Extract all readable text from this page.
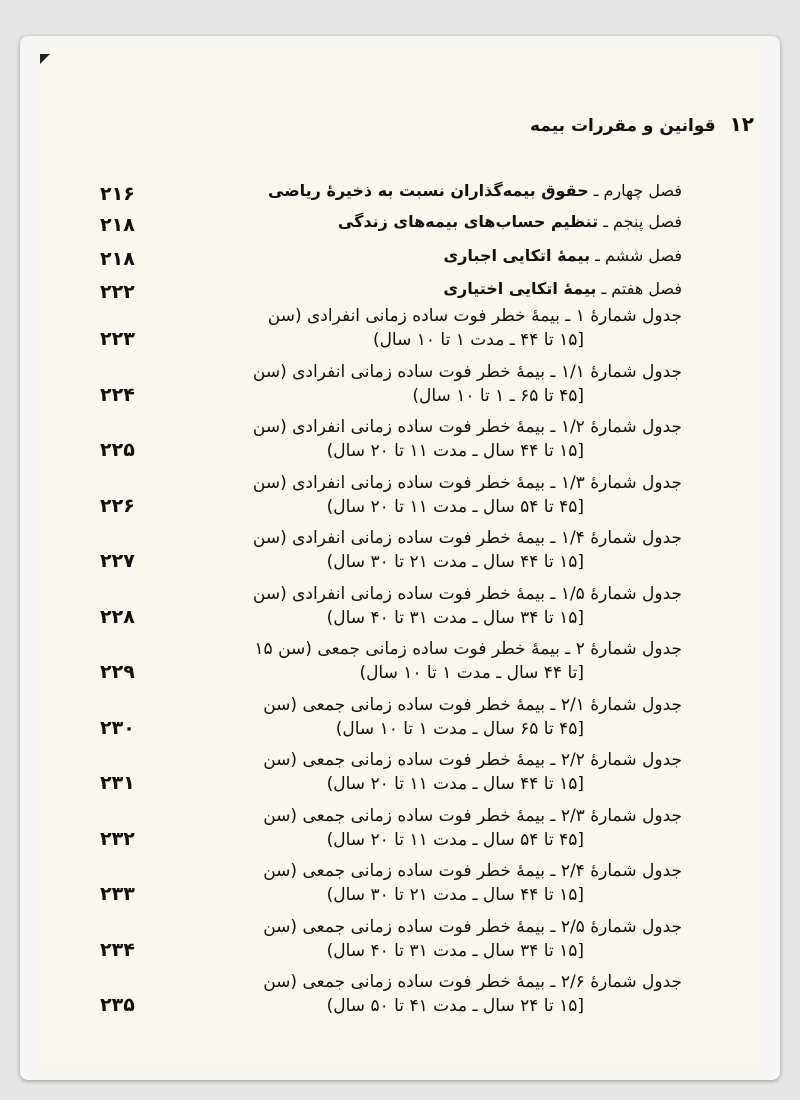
۱۲ قوانین و مقررات بیمه
فصل چهارم ـ حقوق بیمه‌گذاران نسبت به ذخیرهٔ ریاضی
۲۱۶
فصل پنجم ـ تنظیم حساب‌های بیمه‌های زندگی
۲۱۸
فصل ششم ـ بیمهٔ اتکایی اجباری
۲۱۸
فصل هفتم ـ بیمهٔ اتکایی اختیاری
۲۲۲
جدول شمارهٔ ۱ ـ بیمهٔ خطر فوت ساده زمانی انفرادی (سن
[۱۵ تا ۴۴ ـ مدت ۱ تا ۱۰ سال)
۲۲۳
جدول شمارهٔ ۱/۱ ـ بیمهٔ خطر فوت ساده زمانی انفرادی (سن
[۴۵ تا ۶۵ ـ ۱ تا ۱۰ سال)
۲۲۴
جدول شمارهٔ ۱/۲ ـ بیمهٔ خطر فوت ساده زمانی انفرادی (سن
[۱۵ تا ۴۴ سال ـ مدت ۱۱ تا ۲۰ سال)
۲۲۵
جدول شمارهٔ ۱/۳ ـ بیمهٔ خطر فوت ساده زمانی انفرادی (سن
[۴۵ تا ۵۴ سال ـ مدت ۱۱ تا ۲۰ سال)
۲۲۶
جدول شمارهٔ ۱/۴ ـ بیمهٔ خطر فوت ساده زمانی انفرادی (سن
[۱۵ تا ۴۴ سال ـ مدت ۲۱ تا ۳۰ سال)
۲۲۷
جدول شمارهٔ ۱/۵ ـ بیمهٔ خطر فوت ساده زمانی انفرادی (سن
[۱۵ تا ۳۴ سال ـ مدت ۳۱ تا ۴۰ سال)
۲۲۸
جدول شمارهٔ ۲ ـ بیمهٔ خطر فوت ساده زمانی جمعی (سن ۱۵
[تا ۴۴ سال ـ مدت ۱ تا ۱۰ سال)
۲۲۹
جدول شمارهٔ ۲/۱ ـ بیمهٔ خطر فوت ساده زمانی جمعی (سن
[۴۵ تا ۶۵ سال ـ مدت ۱ تا ۱۰ سال)
۲۳۰
جدول شمارهٔ ۲/۲ ـ بیمهٔ خطر فوت ساده زمانی جمعی (سن
[۱۵ تا ۴۴ سال ـ مدت ۱۱ تا ۲۰ سال)
۲۳۱
جدول شمارهٔ ۲/۳ ـ بیمهٔ خطر فوت ساده زمانی جمعی (سن
[۴۵ تا ۵۴ سال ـ مدت ۱۱ تا ۲۰ سال)
۲۳۲
جدول شمارهٔ ۲/۴ ـ بیمهٔ خطر فوت ساده زمانی جمعی (سن
[۱۵ تا ۴۴ سال ـ مدت ۲۱ تا ۳۰ سال)
۲۳۳
جدول شمارهٔ ۲/۵ ـ بیمهٔ خطر فوت ساده زمانی جمعی (سن
[۱۵ تا ۳۴ سال ـ مدت ۳۱ تا ۴۰ سال)
۲۳۴
جدول شمارهٔ ۲/۶ ـ بیمهٔ خطر فوت ساده زمانی جمعی (سن
[۱۵ تا ۲۴ سال ـ مدت ۴۱ تا ۵۰ سال)
۲۳۵
